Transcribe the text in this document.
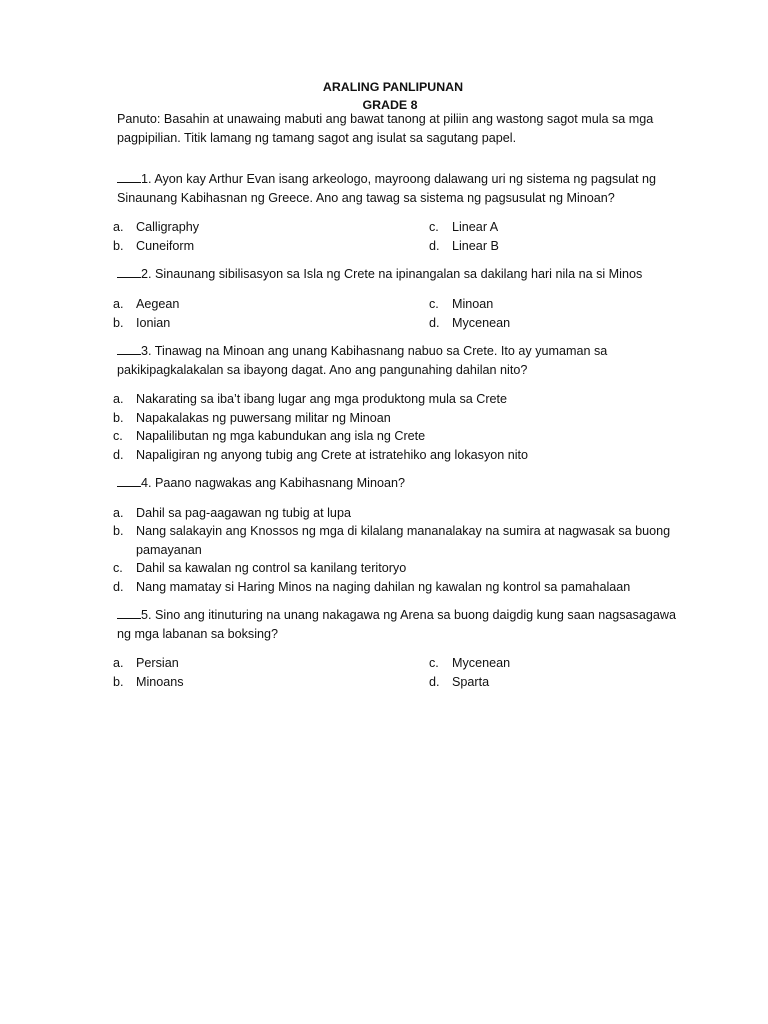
ARALING PANLIPUNAN
GRADE 8
Panuto: Basahin at unawaing mabuti ang bawat tanong at piliin ang wastong sagot mula sa mga pagpipilian. Titik lamang ng tamang sagot ang isulat sa sagutang papel.

1. Ayon kay Arthur Evan isang arkeologo, mayroong dalawang uri ng sistema ng pagsulat ng Sinaunang Kabihasnan ng Greece. Ano ang tawag sa sistema ng pagsusulat ng Minoan?

a. Calligraphy
b. Cuneiform
c. Linear A
d. Linear B

2. Sinaunang sibilisasyon sa Isla ng Crete na ipinangalan sa dakilang hari nila na si Minos

a. Aegean
b. Ionian
c. Minoan
d. Mycenean

3. Tinawag na Minoan ang unang Kabihasnang nabuo sa Crete. Ito ay yumaman sa pakikipagkalakalan sa ibayong dagat. Ano ang pangunahing dahilan nito?

a. Nakarating sa iba’t ibang lugar ang mga produktong mula sa Crete
b. Napakalakas ng puwersang militar ng Minoan
c. Napalilibutan ng mga kabundukan ang isla ng Crete
d. Napaligiran ng anyong tubig ang Crete at istratehiko ang lokasyon nito

4. Paano nagwakas ang Kabihasnang Minoan?

a. Dahil sa pag-aagawan ng tubig at lupa
b. Nang salakayin ang Knossos ng mga di kilalang mananalakay na sumira at nagwasak sa buong pamayanan
c. Dahil sa kawalan ng control sa kanilang teritoryo
d. Nang mamatay si Haring Minos na naging dahilan ng kawalan ng kontrol sa pamahalaan

5. Sino ang itinuturing na unang nakagawa ng Arena sa buong daigdig kung saan nagsasagawa ng mga labanan sa boksing?

a. Persian
b. Minoans
c. Mycenean
d. Sparta
